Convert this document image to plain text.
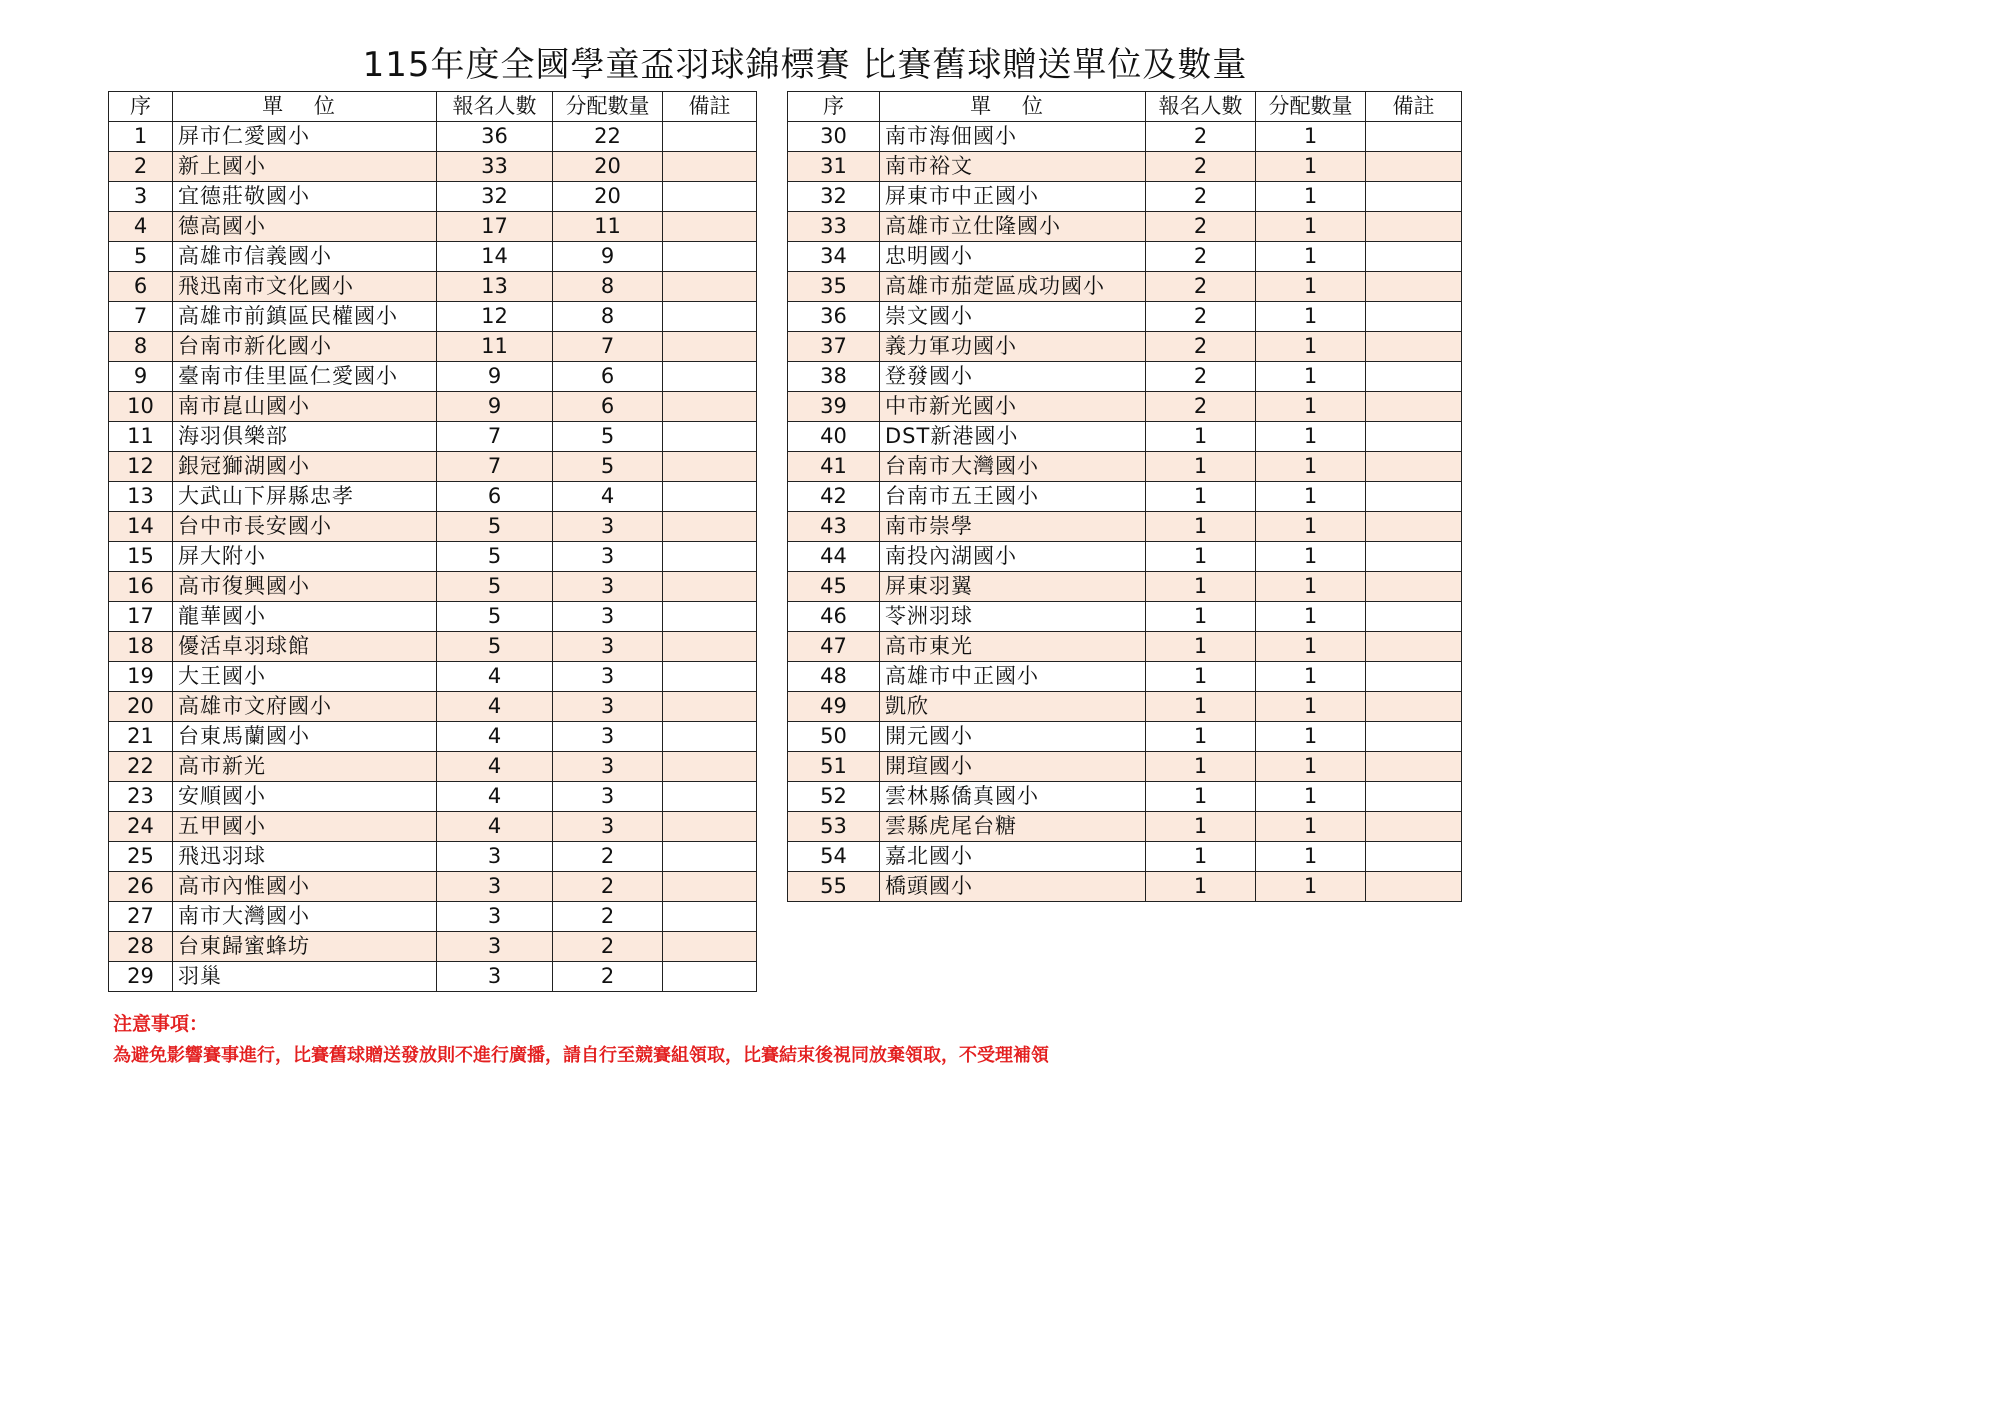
115年度全國學童盃羽球錦標賽 比賽舊球贈送單位及數量
序	單 位	報名人數	分配數量	備註
1	屏市仁愛國小	36	22	
2	新上國小	33	20	
3	宜德莊敬國小	32	20	
4	德高國小	17	11	
5	高雄市信義國小	14	9	
6	飛迅南市文化國小	13	8	
7	高雄市前鎮區民權國小	12	8	
8	台南市新化國小	11	7	
9	臺南市佳里區仁愛國小	9	6	
10	南市崑山國小	9	6	
11	海羽俱樂部	7	5	
12	銀冠獅湖國小	7	5	
13	大武山下屏縣忠孝	6	4	
14	台中市長安國小	5	3	
15	屏大附小	5	3	
16	高市復興國小	5	3	
17	龍華國小	5	3	
18	優活卓羽球館	5	3	
19	大王國小	4	3	
20	高雄市文府國小	4	3	
21	台東馬蘭國小	4	3	
22	高市新光	4	3	
23	安順國小	4	3	
24	五甲國小	4	3	
25	飛迅羽球	3	2	
26	高市內惟國小	3	2	
27	南市大灣國小	3	2	
28	台東歸蜜蜂坊	3	2	
29	羽巢	3	2	
序	單 位	報名人數	分配數量	備註
30	南市海佃國小	2	1	
31	南市裕文	2	1	
32	屏東市中正國小	2	1	
33	高雄市立仕隆國小	2	1	
34	忠明國小	2	1	
35	高雄市茄萣區成功國小	2	1	
36	崇文國小	2	1	
37	義力軍功國小	2	1	
38	登發國小	2	1	
39	中市新光國小	2	1	
40	DST新港國小	1	1	
41	台南市大灣國小	1	1	
42	台南市五王國小	1	1	
43	南市崇學	1	1	
44	南投內湖國小	1	1	
45	屏東羽翼	1	1	
46	苓洲羽球	1	1	
47	高市東光	1	1	
48	高雄市中正國小	1	1	
49	凱欣	1	1	
50	開元國小	1	1	
51	開瑄國小	1	1	
52	雲林縣僑真國小	1	1	
53	雲縣虎尾台糖	1	1	
54	嘉北國小	1	1	
55	橋頭國小	1	1	
注意事項：
為避免影響賽事進行，比賽舊球贈送發放則不進行廣播，請自行至競賽組領取，比賽結束後視同放棄領取，不受理補領
